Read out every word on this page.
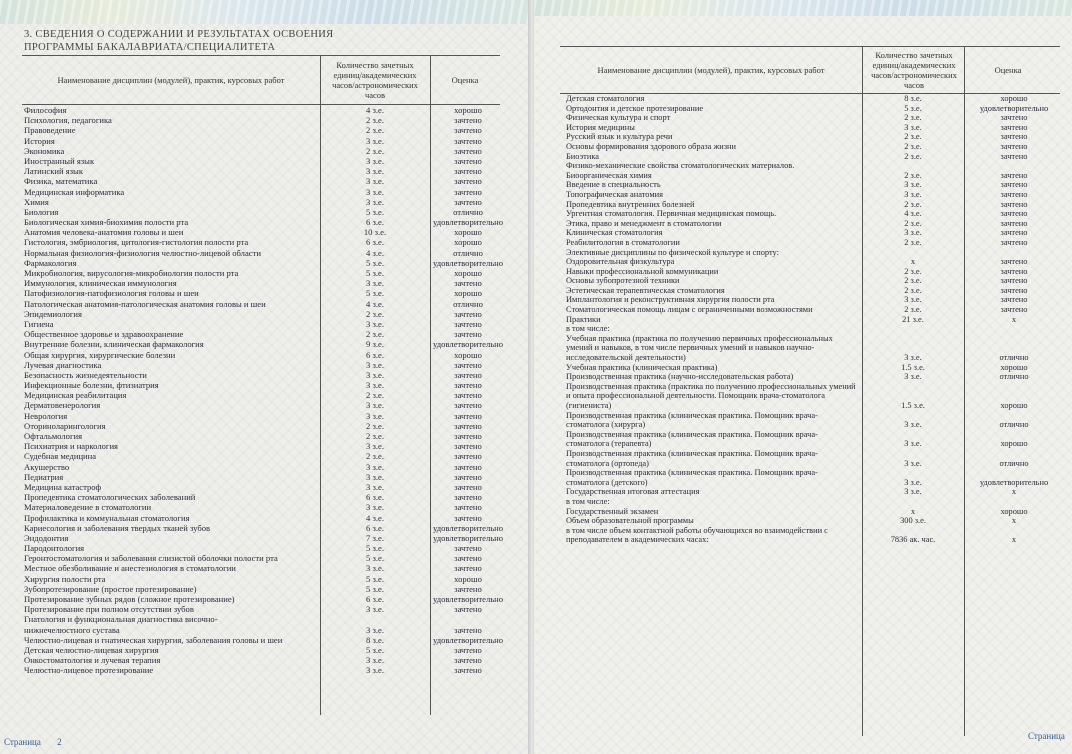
3. СВЕДЕНИЯ О СОДЕРЖАНИИ И РЕЗУЛЬТАТАХ ОСВОЕНИЯ
ПРОГРАММЫ БАКАЛАВРИАТА/СПЕЦИАЛИТЕТА
Наименование дисциплин (модулей), практик, курсовых работ
Количество зачетных единиц/академических часов/астрономических часов
Оценка
Философия	4 з.е.	хорошо
Психология, педагогика	2 з.е.	зачтено
Правоведение	2 з.е.	зачтено
История	3 з.е.	зачтено
Экономика	2 з.е.	зачтено
Иностранный язык	3 з.е.	зачтено
Латинский язык	3 з.е.	зачтено
Физика, математика	3 з.е.	зачтено
Медицинская информатика	3 з.е.	зачтено
Химия	3 з.е.	зачтено
Биология	5 з.е.	отлично
Биологическая химия-биохимия полости рта	6 з.е.	удовлетворительно
Анатомия человека-анатомия головы и шеи	10 з.е.	хорошо
Гистология, эмбриология, цитология-гистология полости рта	6 з.е.	хорошо
Нормальная физиология-физиология челюстно-лицевой области	4 з.е.	отлично
Фармакология	5 з.е.	удовлетворительно
Микробиология, вирусология-микробиология полости рта	5 з.е.	хорошо
Иммунология, клиническая иммунология	3 з.е.	зачтено
Патофизиология-патофизиология головы и шеи	5 з.е.	хорошо
Патологическая анатомия-патологическая анатомия головы и шеи	4 з.е.	отлично
Эпидемиология	2 з.е.	зачтено
Гигиена	3 з.е.	зачтено
Общественное здоровье и здравоохранение	2 з.е.	зачтено
Внутренние болезни, клиническая фармакология	9 з.е.	удовлетворительно
Общая хирургия, хирургические болезни	6 з.е.	хорошо
Лучевая диагностика	3 з.е.	зачтено
Безопасность жизнедеятельности	3 з.е.	зачтено
Инфекционные болезни, фтизиатрия	3 з.е.	зачтено
Медицинская реабилитация	2 з.е.	зачтено
Дерматовенерология	3 з.е.	зачтено
Неврология	3 з.е.	зачтено
Оториноларингология	2 з.е.	зачтено
Офтальмология	2 з.е.	зачтено
Психиатрия и наркология	3 з.е.	зачтено
Судебная медицина	2 з.е.	зачтено
Акушерство	3 з.е.	зачтено
Педиатрия	3 з.е.	зачтено
Медицина катастроф	3 з.е.	зачтено
Пропедевтика стоматологических заболеваний	6 з.е.	зачтено
Материаловедение в стоматологии	3 з.е.	зачтено
Профилактика и коммунальная стоматология	4 з.е.	зачтено
Кариесология и заболевания твердых тканей зубов	6 з.е.	удовлетворительно
Эндодонтия	7 з.е.	удовлетворительно
Пародонтология	5 з.е.	зачтено
Геронтостоматология и заболевания слизистой оболочки полости рта	5 з.е.	зачтено
Местное обезболивание и анестезиология в стоматологии	3 з.е.	зачтено
Хирургия полости рта	5 з.е.	хорошо
Зубопротезирование (простое протезирование)	5 з.е.	зачтено
Протезирование зубных рядов (сложное протезирование)	6 з.е.	удовлетворительно
Протезирование при полном отсутствии зубов	3 з.е.	зачтено
Гнатология и функциональная диагностика височно-
нижнечелюстного сустава	3 з.е.	зачтено
Челюстно-лицевая и гнатическая хирургия, заболевания головы и шеи	8 з.е.	удовлетворительно
Детская челюстно-лицевая хирургия	5 з.е.	зачтено
Онкостоматология и лучевая терапия	3 з.е.	зачтено
Челюстно-лицевое протезирование	3 з.е.	зачтено
Страница 2
Наименование дисциплин (модулей), практик, курсовых работ
Количество зачетных единиц/академических часов/астрономических часов
Оценка
Детская стоматология	8 з.е.	хорошо
Ортодонтия и детское протезирование	5 з.е.	удовлетворительно
Физическая культура и спорт	2 з.е.	зачтено
История медицины	3 з.е.	зачтено
Русский язык и культура речи	2 з.е.	зачтено
Основы формирования здорового образа жизни	2 з.е.	зачтено
Биоэтика	2 з.е.	зачтено
Физико-механические свойства стоматологических материалов.
Биоорганическая химия	2 з.е.	зачтено
Введение в специальность	3 з.е.	зачтено
Топографическая анатомия	3 з.е.	зачтено
Пропедевтика внутренних болезней	2 з.е.	зачтено
Ургентная стоматология. Первичная медицинская помощь.	4 з.е.	зачтено
Этика, право и менеджмент в стоматологии	2 з.е.	зачтено
Клиническая стоматология	3 з.е.	зачтено
Реабилитология в стоматологии	2 з.е.	зачтено
Элективные дисциплины по физической культуре и спорту:
Оздоровительная физкультура	x	зачтено
Навыки профессиональной коммуникации	2 з.е.	зачтено
Основы зубопротезной техники	2 з.е.	зачтено
Эстетическая терапевтическая стоматология	2 з.е.	зачтено
Имплантология и реконструктивная хирургия полости рта	3 з.е.	зачтено
Стоматологическая помощь лицам с ограниченными возможностями	2 з.е.	зачтено
Практики	21 з.е.	x
в том числе:
Учебная практика (практика по получению первичных профессиональных умений и навыков, в том числе первичных умений и навыков научно-исследовательской деятельности)	3 з.е.	отлично
Учебная практика (клиническая практика)	1.5 з.е.	хорошо
Производственная практика (научно-исследовательская работа)	3 з.е.	отлично
Производственная практика (практика по получению профессиональных умений и опыта профессиональной деятельности. Помощник врача-стоматолога (гигиениста)	1.5 з.е.	хорошо
Производственная практика (клиническая практика. Помощник врача-стоматолога (хирурга)	3 з.е.	отлично
Производственная практика (клиническая практика. Помощник врача-стоматолога (терапевта)	3 з.е.	хорошо
Производственная практика (клиническая практика. Помощник врача-стоматолога (ортопеда)	3 з.е.	отлично
Производственная практика (клиническая практика. Помощник врача-стоматолога (детского)	3 з.е.	удовлетворительно
Государственная итоговая аттестация	3 з.е.	x
в том числе:
Государственный экзамен	x	хорошо
Объем образовательной программы	300 з.е.	x
в том числе объем контактной работы обучающихся во взаимодействии с преподавателем в академических часах:	7836 ак. час.	x
Страница
